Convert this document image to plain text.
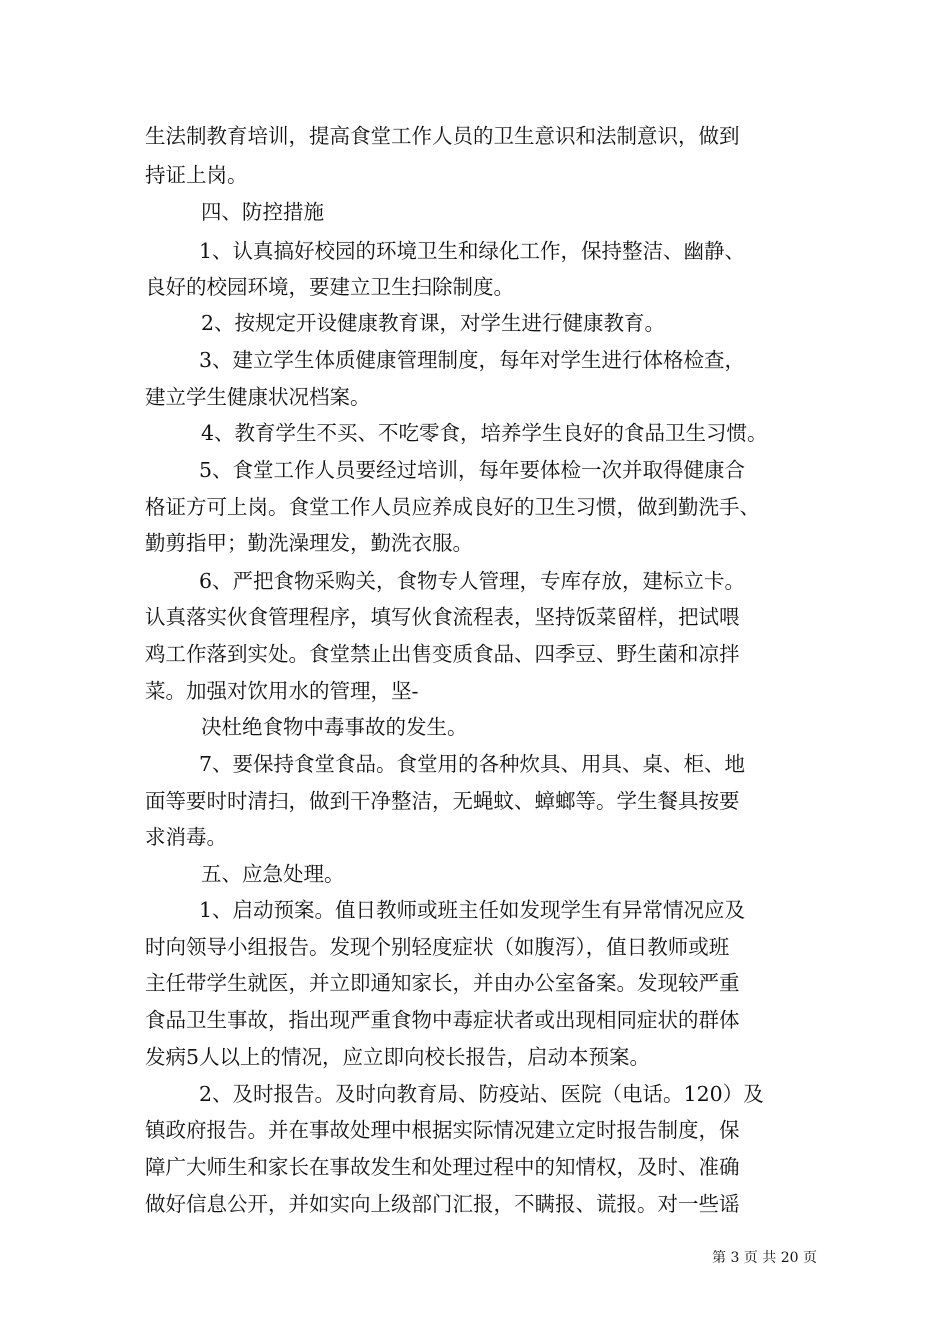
生法制教育培训，提高食堂工作人员的卫生意识和法制意识，做到
持证上岗。
四、防控措施
1、认真搞好校园的环境卫生和绿化工作，保持整洁、幽静、
良好的校园环境，要建立卫生扫除制度。
2、按规定开设健康教育课，对学生进行健康教育。
3、建立学生体质健康管理制度，每年对学生进行体格检查，
建立学生健康状况档案。
4、教育学生不买、不吃零食，培养学生良好的食品卫生习惯。
5、食堂工作人员要经过培训，每年要体检一次并取得健康合
格证方可上岗。食堂工作人员应养成良好的卫生习惯，做到勤洗手、
勤剪指甲；勤洗澡理发，勤洗衣服。
6、严把食物采购关，食物专人管理，专库存放，建标立卡。
认真落实伙食管理程序，填写伙食流程表，坚持饭菜留样，把试喂
鸡工作落到实处。食堂禁止出售变质食品、四季豆、野生菌和凉拌
菜。加强对饮用水的管理，坚-
决杜绝食物中毒事故的发生。
7、要保持食堂食品。食堂用的各种炊具、用具、桌、柜、地
面等要时时清扫，做到干净整洁，无蝇蚊、蟑螂等。学生餐具按要
求消毒。
五、应急处理。
1、启动预案。值日教师或班主任如发现学生有异常情况应及
时向领导小组报告。发现个别轻度症状（如腹泻），值日教师或班
主任带学生就医，并立即通知家长，并由办公室备案。发现较严重
食品卫生事故，指出现严重食物中毒症状者或出现相同症状的群体
发病5人以上的情况，应立即向校长报告，启动本预案。
2、及时报告。及时向教育局、防疫站、医院（电话。120）及
镇政府报告。并在事故处理中根据实际情况建立定时报告制度，保
障广大师生和家长在事故发生和处理过程中的知情权，及时、准确
做好信息公开，并如实向上级部门汇报，不瞒报、谎报。对一些谣
第 3 页 共 20 页
